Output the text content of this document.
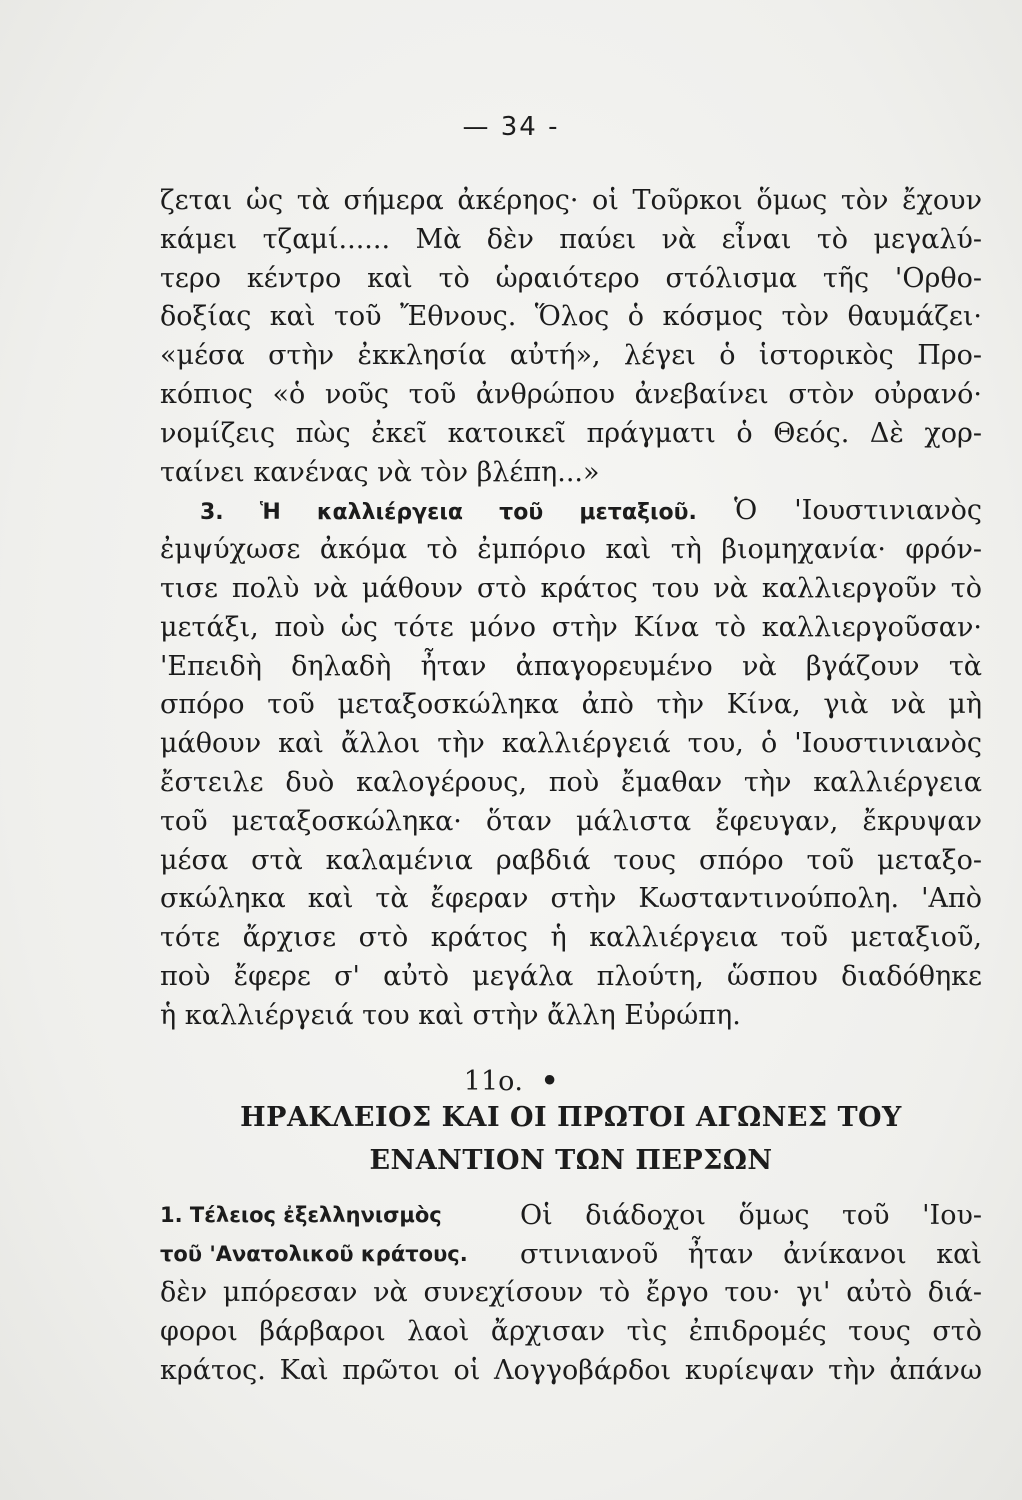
— 34 -
ζεται ὡς τὰ σήμερα ἀκέρηος· οἱ Τοῦρκοι ὅμως τὸν ἔχουν
κάμει τζαμί...... Μὰ δὲν παύει νὰ εἶναι τὸ μεγαλύ-
τερο κέντρο καὶ τὸ ὡραιότερο στόλισμα τῆς 'Ορθο-
δοξίας καὶ τοῦ Ἔθνους. Ὅλος ὁ κόσμος τὸν θαυμάζει·
«μέσα στὴν ἐκκλησία αὐτή», λέγει ὁ ἱστορικὸς Προ-
κόπιος «ὁ νοῦς τοῦ ἀνθρώπου ἀνεβαίνει στὸν οὐρανό·
νομίζεις πὼς ἐκεῖ κατοικεῖ πράγματι ὁ Θεός. Δὲ χορ-
ταίνει κανένας νὰ τὸν βλέπη...»
3. Ἡ καλλιέργεια τοῦ μεταξιοῦ. Ὁ 'Ιουστινιανὸς
ἐμψύχωσε ἀκόμα τὸ ἐμπόριο καὶ τὴ βιομηχανία· φρόν-
τισε πολὺ νὰ μάθουν στὸ κράτος του νὰ καλλιεργοῦν τὸ
μετάξι, ποὺ ὡς τότε μόνο στὴν Κίνα τὸ καλλιεργοῦσαν·
'Επειδὴ δηλαδὴ ἦταν ἀπαγορευμένο νὰ βγάζουν τὰ
σπόρο τοῦ μεταξοσκώληκα ἀπὸ τὴν Κίνα, γιὰ νὰ μὴ
μάθουν καὶ ἄλλοι τὴν καλλιέργειά του, ὁ 'Ιουστινιανὸς
ἔστειλε δυὸ καλογέρους, ποὺ ἔμαθαν τὴν καλλιέργεια
τοῦ μεταξοσκώληκα· ὅταν μάλιστα ἔφευγαν, ἔκρυψαν
μέσα στὰ καλαμένια ραβδιά τους σπόρο τοῦ μεταξο-
σκώληκα καὶ τὰ ἔφεραν στὴν Κωσταντινούπολη. 'Απὸ
τότε ἄρχισε στὸ κράτος ἡ καλλιέργεια τοῦ μεταξιοῦ,
ποὺ ἔφερε σ' αὐτὸ μεγάλα πλούτη, ὥσπου διαδόθηκε
ἡ καλλιέργειά του καὶ στὴν ἄλλη Εὐρώπη.
11ο. •
ΗΡΑΚΛΕΙΟΣ ΚΑΙ ΟΙ ΠΡΩΤΟΙ ΑΓΩΝΕΣ ΤΟΥ
ΕΝΑΝΤΙΟΝ ΤΩΝ ΠΕΡΣΩΝ
1. Τέλειος ἐξελληνισμὸς	Οἱ διάδοχοι ὅμως τοῦ 'Ιου-
τοῦ 'Ανατολικοῦ κράτους.	στινιανοῦ ἦταν ἀνίκανοι καὶ
δὲν μπόρεσαν νὰ συνεχίσουν τὸ ἔργο του· γι' αὐτὸ διά-
φοροι βάρβαροι λαοὶ ἄρχισαν τὶς ἐπιδρομές τους στὸ
κράτος. Καὶ πρῶτοι οἱ Λογγοβάρδοι κυρίεψαν τὴν ἀπάνω
